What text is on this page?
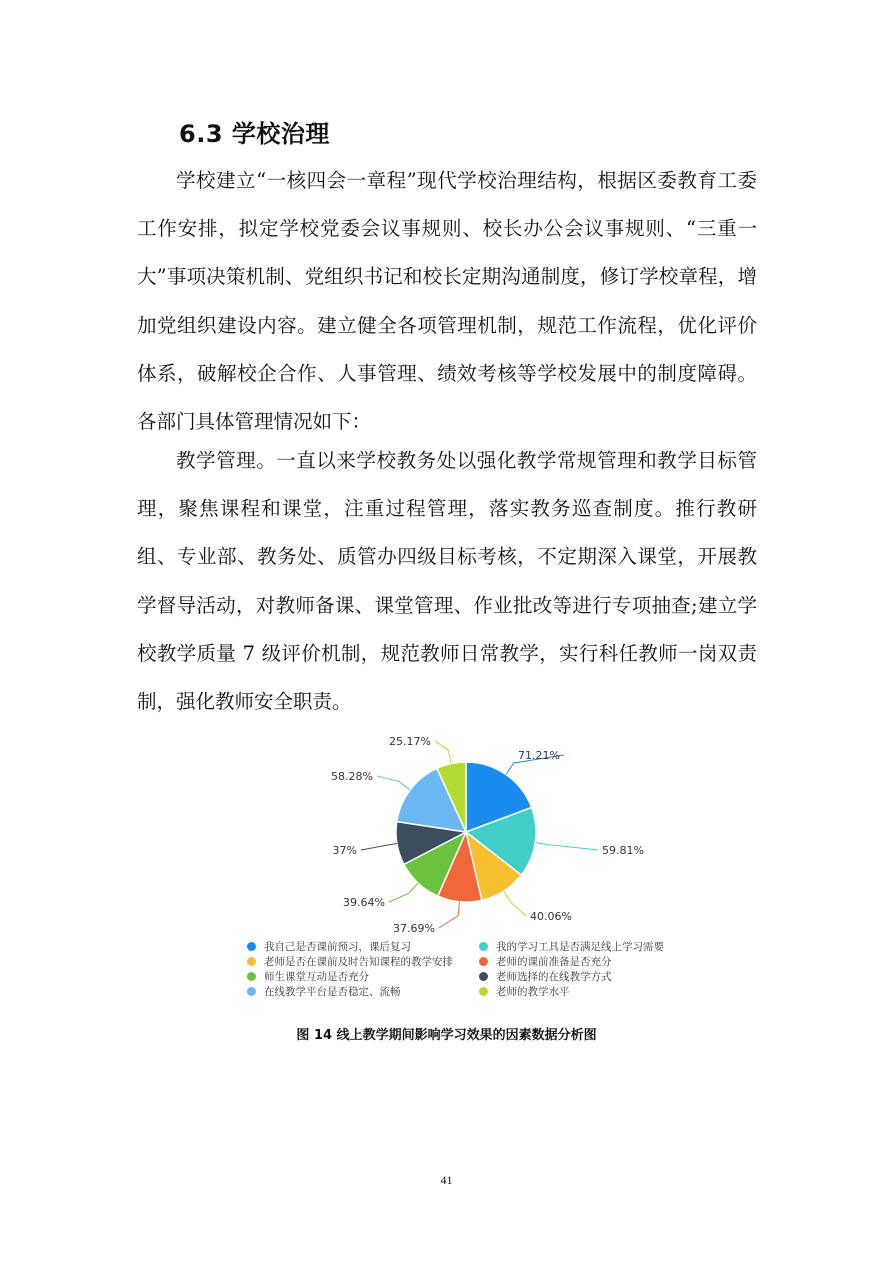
6.3 学校治理

学校建立“一核四会一章程”现代学校治理结构，根据区委教育工委工作安排，拟定学校党委会议事规则、校长办公会议事规则、“三重一大”事项决策机制、党组织书记和校长定期沟通制度，修订学校章程，增加党组织建设内容。建立健全各项管理机制，规范工作流程，优化评价体系，破解校企合作、人事管理、绩效考核等学校发展中的制度障碍。各部门具体管理情况如下：

教学管理。一直以来学校教务处以强化教学常规管理和教学目标管理，聚焦课程和课堂，注重过程管理，落实教务巡查制度。推行教研组、专业部、教务处、质管办四级目标考核，不定期深入课堂，开展教学督导活动，对教师备课、课堂管理、作业批改等进行专项抽查;建立学校教学质量 7 级评价机制，规范教师日常教学，实行科任教师一岗双责制，强化教师安全职责。

71.21%
59.81%
40.06%
37.69%
39.64%
37%
58.28%
25.17%
我自己是否课前预习，课后复习	我的学习工具是否满足线上学习需要
老师是否在课前及时告知课程的教学安排	老师的课前准备是否充分
师生课堂互动是否充分	老师选择的在线教学方式
在线教学平台是否稳定、流畅	老师的教学水平
图 14 线上教学期间影响学习效果的因素数据分析图
41
